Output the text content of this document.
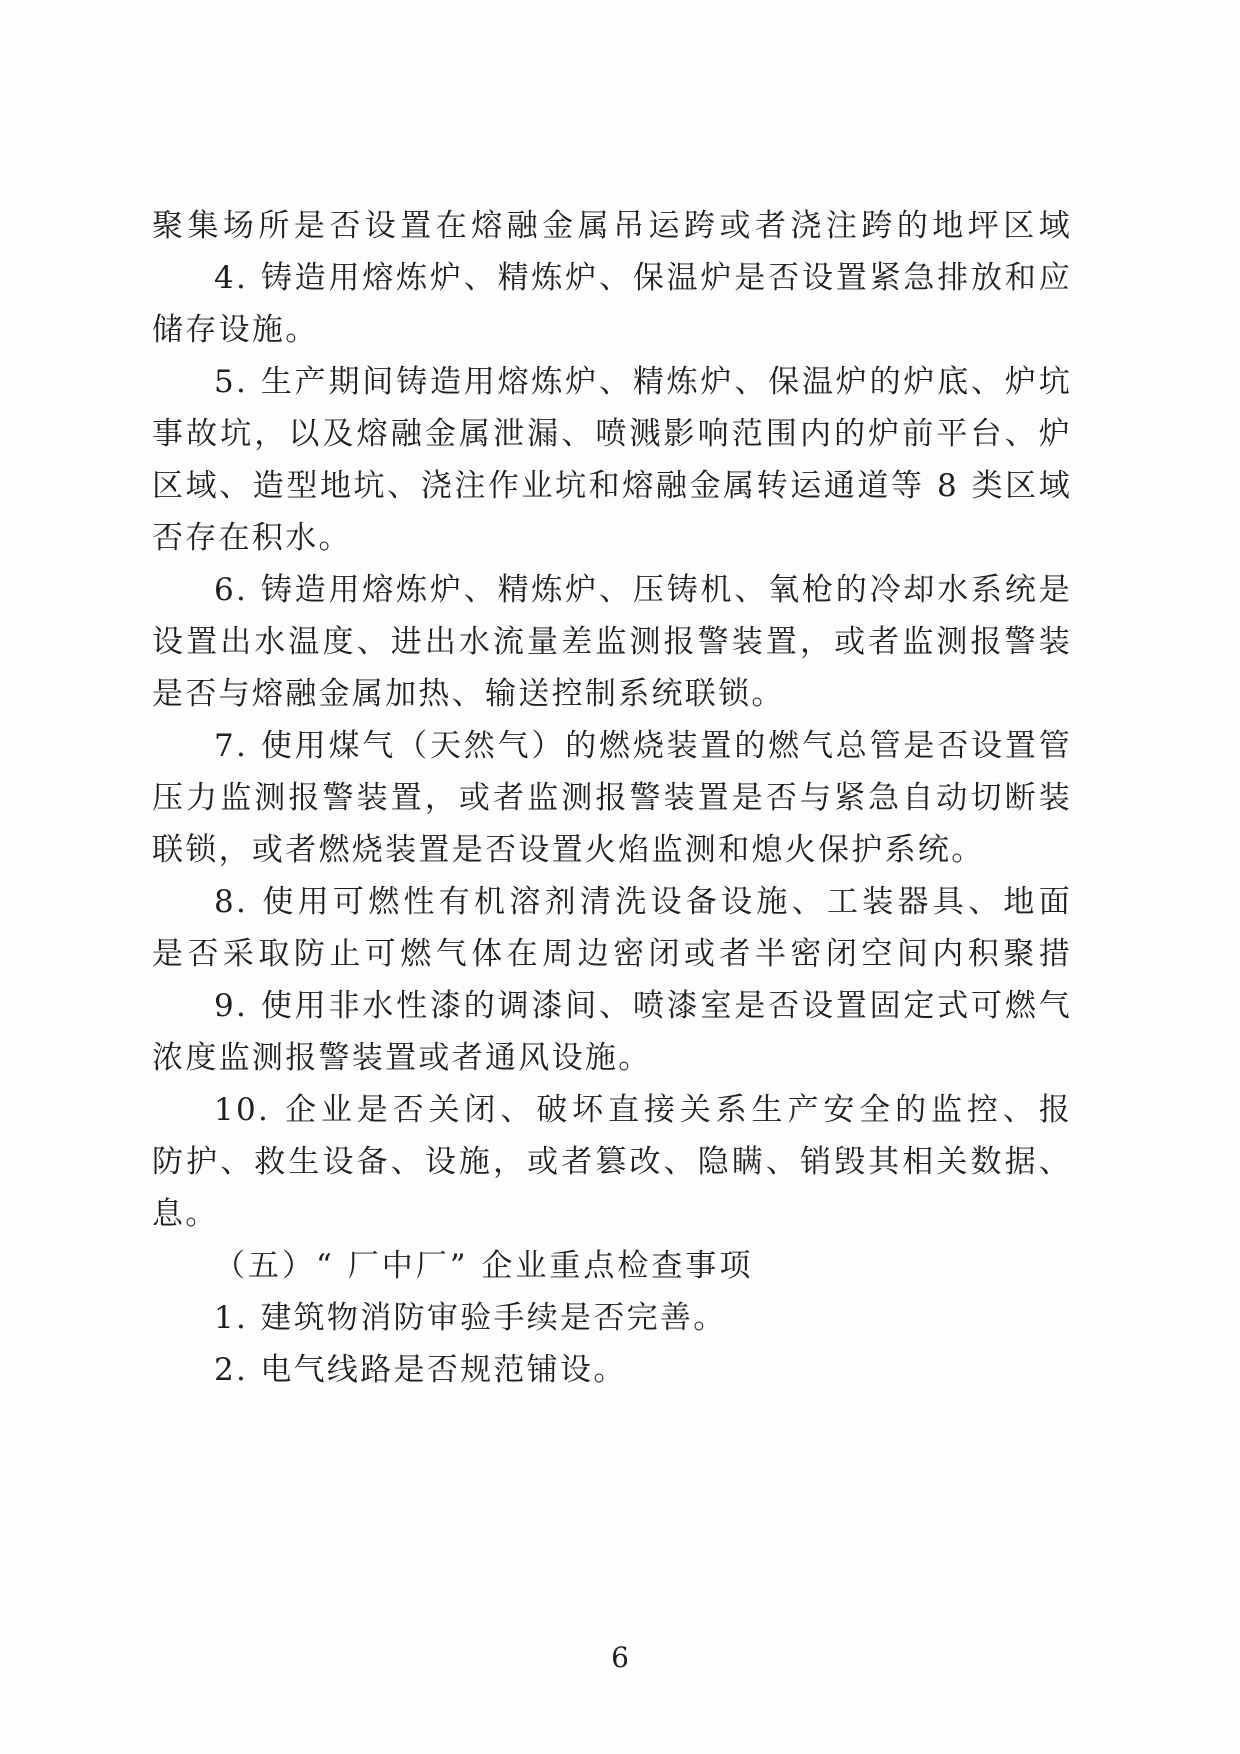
聚集场所是否设置在熔融金属吊运跨或者浇注跨的地坪区域
4. 铸造用熔炼炉、精炼炉、保温炉是否设置紧急排放和应
储存设施。
5. 生产期间铸造用熔炼炉、精炼炉、保温炉的炉底、炉坑
事故坑，以及熔融金属泄漏、喷溅影响范围内的炉前平台、炉
区域、造型地坑、浇注作业坑和熔融金属转运通道等 8 类区域
否存在积水。
6. 铸造用熔炼炉、精炼炉、压铸机、氧枪的冷却水系统是
设置出水温度、进出水流量差监测报警装置，或者监测报警装
是否与熔融金属加热、输送控制系统联锁。
7. 使用煤气（天然气）的燃烧装置的燃气总管是否设置管
压力监测报警装置，或者监测报警装置是否与紧急自动切断装
联锁，或者燃烧装置是否设置火焰监测和熄火保护系统。
8. 使用可燃性有机溶剂清洗设备设施、工装器具、地面
是否采取防止可燃气体在周边密闭或者半密闭空间内积聚措
9. 使用非水性漆的调漆间、喷漆室是否设置固定式可燃气
浓度监测报警装置或者通风设施。
10. 企业是否关闭、破坏直接关系生产安全的监控、报
防护、救生设备、设施，或者篡改、隐瞒、销毁其相关数据、
息。
（五）“ 厂中厂” 企业重点检查事项
1. 建筑物消防审验手续是否完善。
2. 电气线路是否规范铺设。
6
